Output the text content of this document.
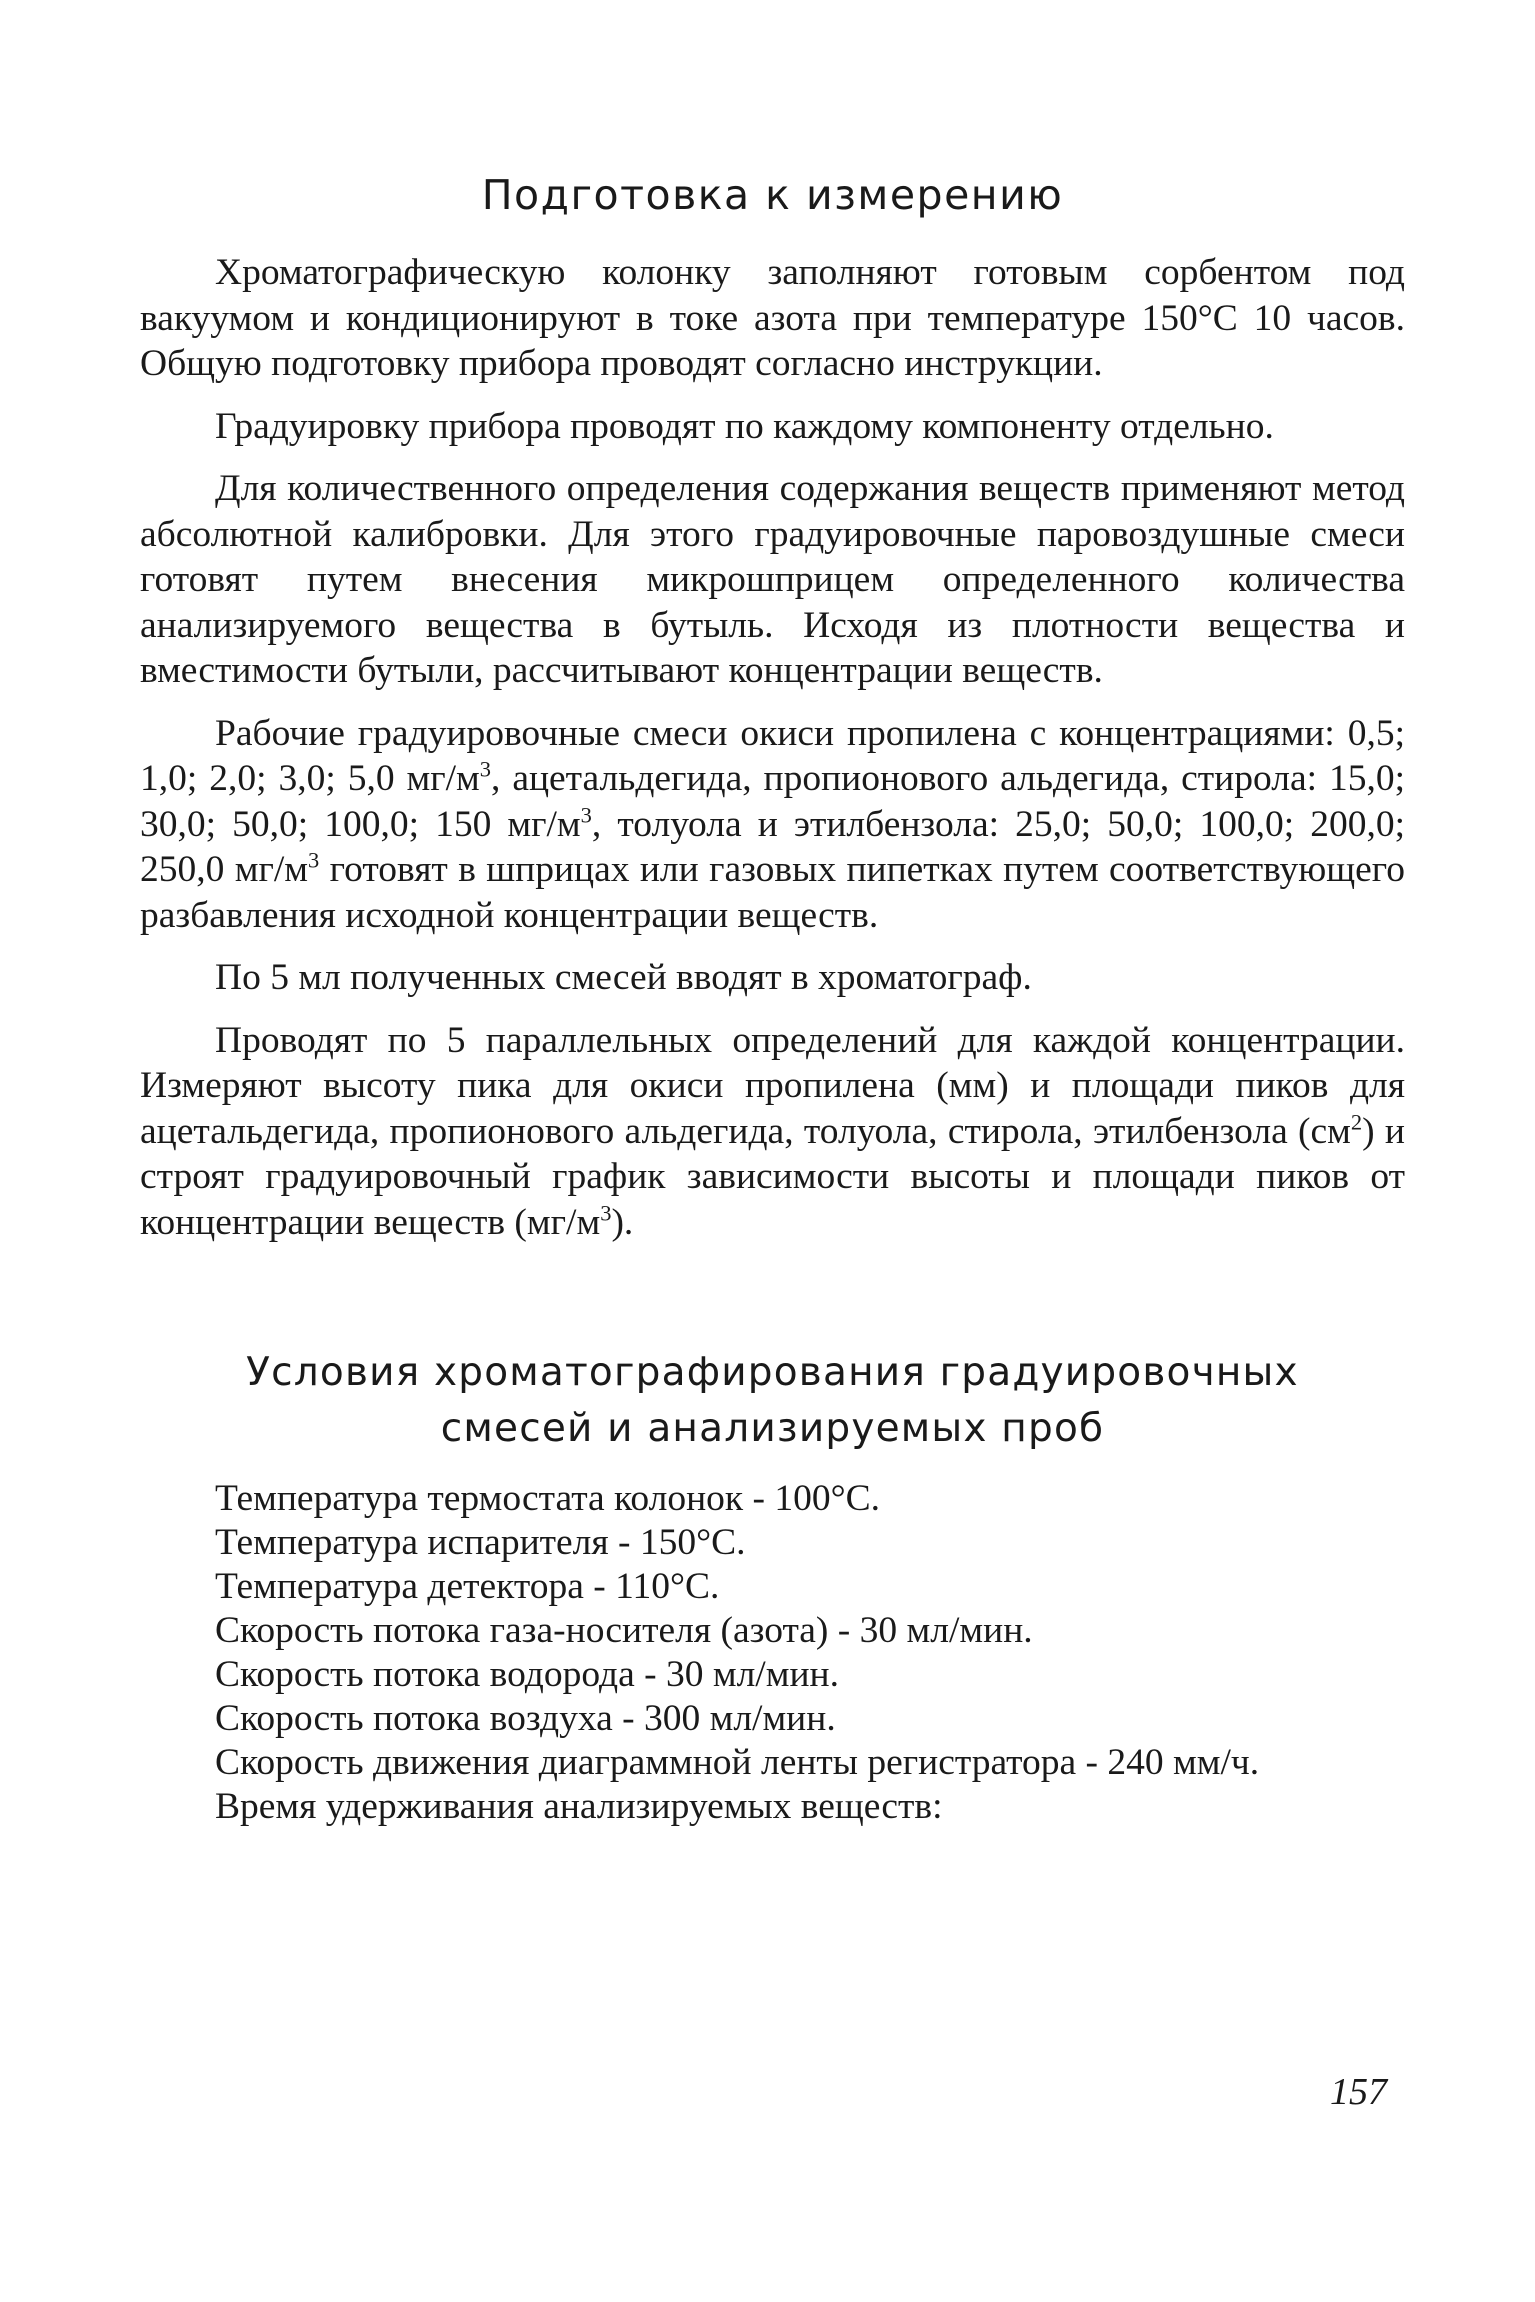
Подготовка к измерению

Хроматографическую колонку заполняют готовым сорбентом под вакуумом и кондиционируют в токе азота при температуре 150°С 10 часов. Общую подготовку прибора проводят согласно инструкции.

Градуировку прибора проводят по каждому компоненту отдельно.

Для количественного определения содержания веществ применяют метод абсолютной калибровки. Для этого градуировочные паровоздушные смеси готовят путем внесения микрошприцем определенного количества анализируемого вещества в бутыль. Исходя из плотности вещества и вместимости бутыли, рассчитывают концентрации веществ.

Рабочие градуировочные смеси окиси пропилена с концентрациями: 0,5; 1,0; 2,0; 3,0; 5,0 $мг/м^3$, ацетальдегида, пропионового альдегида, стирола: 15,0; 30,0; 50,0; 100,0; 150 $мг/м^3$, толуола и этилбензола: 25,0; 50,0; 100,0; 200,0; 250,0 $мг/м^3$ готовят в шприцах или газовых пипетках путем соответствующего разбавления исходной концентрации веществ.

По 5 мл полученных смесей вводят в хроматограф.

Проводят по 5 параллельных определений для каждой концентрации. Измеряют высоту пика для окиси пропилена (мм) и площади пиков для ацетальдегида, пропионового альдегида, толуола, стирола, этилбензола $(см^2)$ и строят градуировочный график зависимости высоты и площади пиков от концентрации веществ $(мг/м^3)$.

Условия хроматографирования градуировочных
смесей и анализируемых проб
Температура термостата колонок - 100°С.
Температура испарителя - 150°С.
Температура детектора - 110°С.
Скорость потока газа-носителя (азота) - 30 мл/мин.
Скорость потока водорода - 30 мл/мин.
Скорость потока воздуха - 300 мл/мин.
Скорость движения диаграммной ленты регистратора - 240 мм/ч.
Время удерживания анализируемых веществ:
157
